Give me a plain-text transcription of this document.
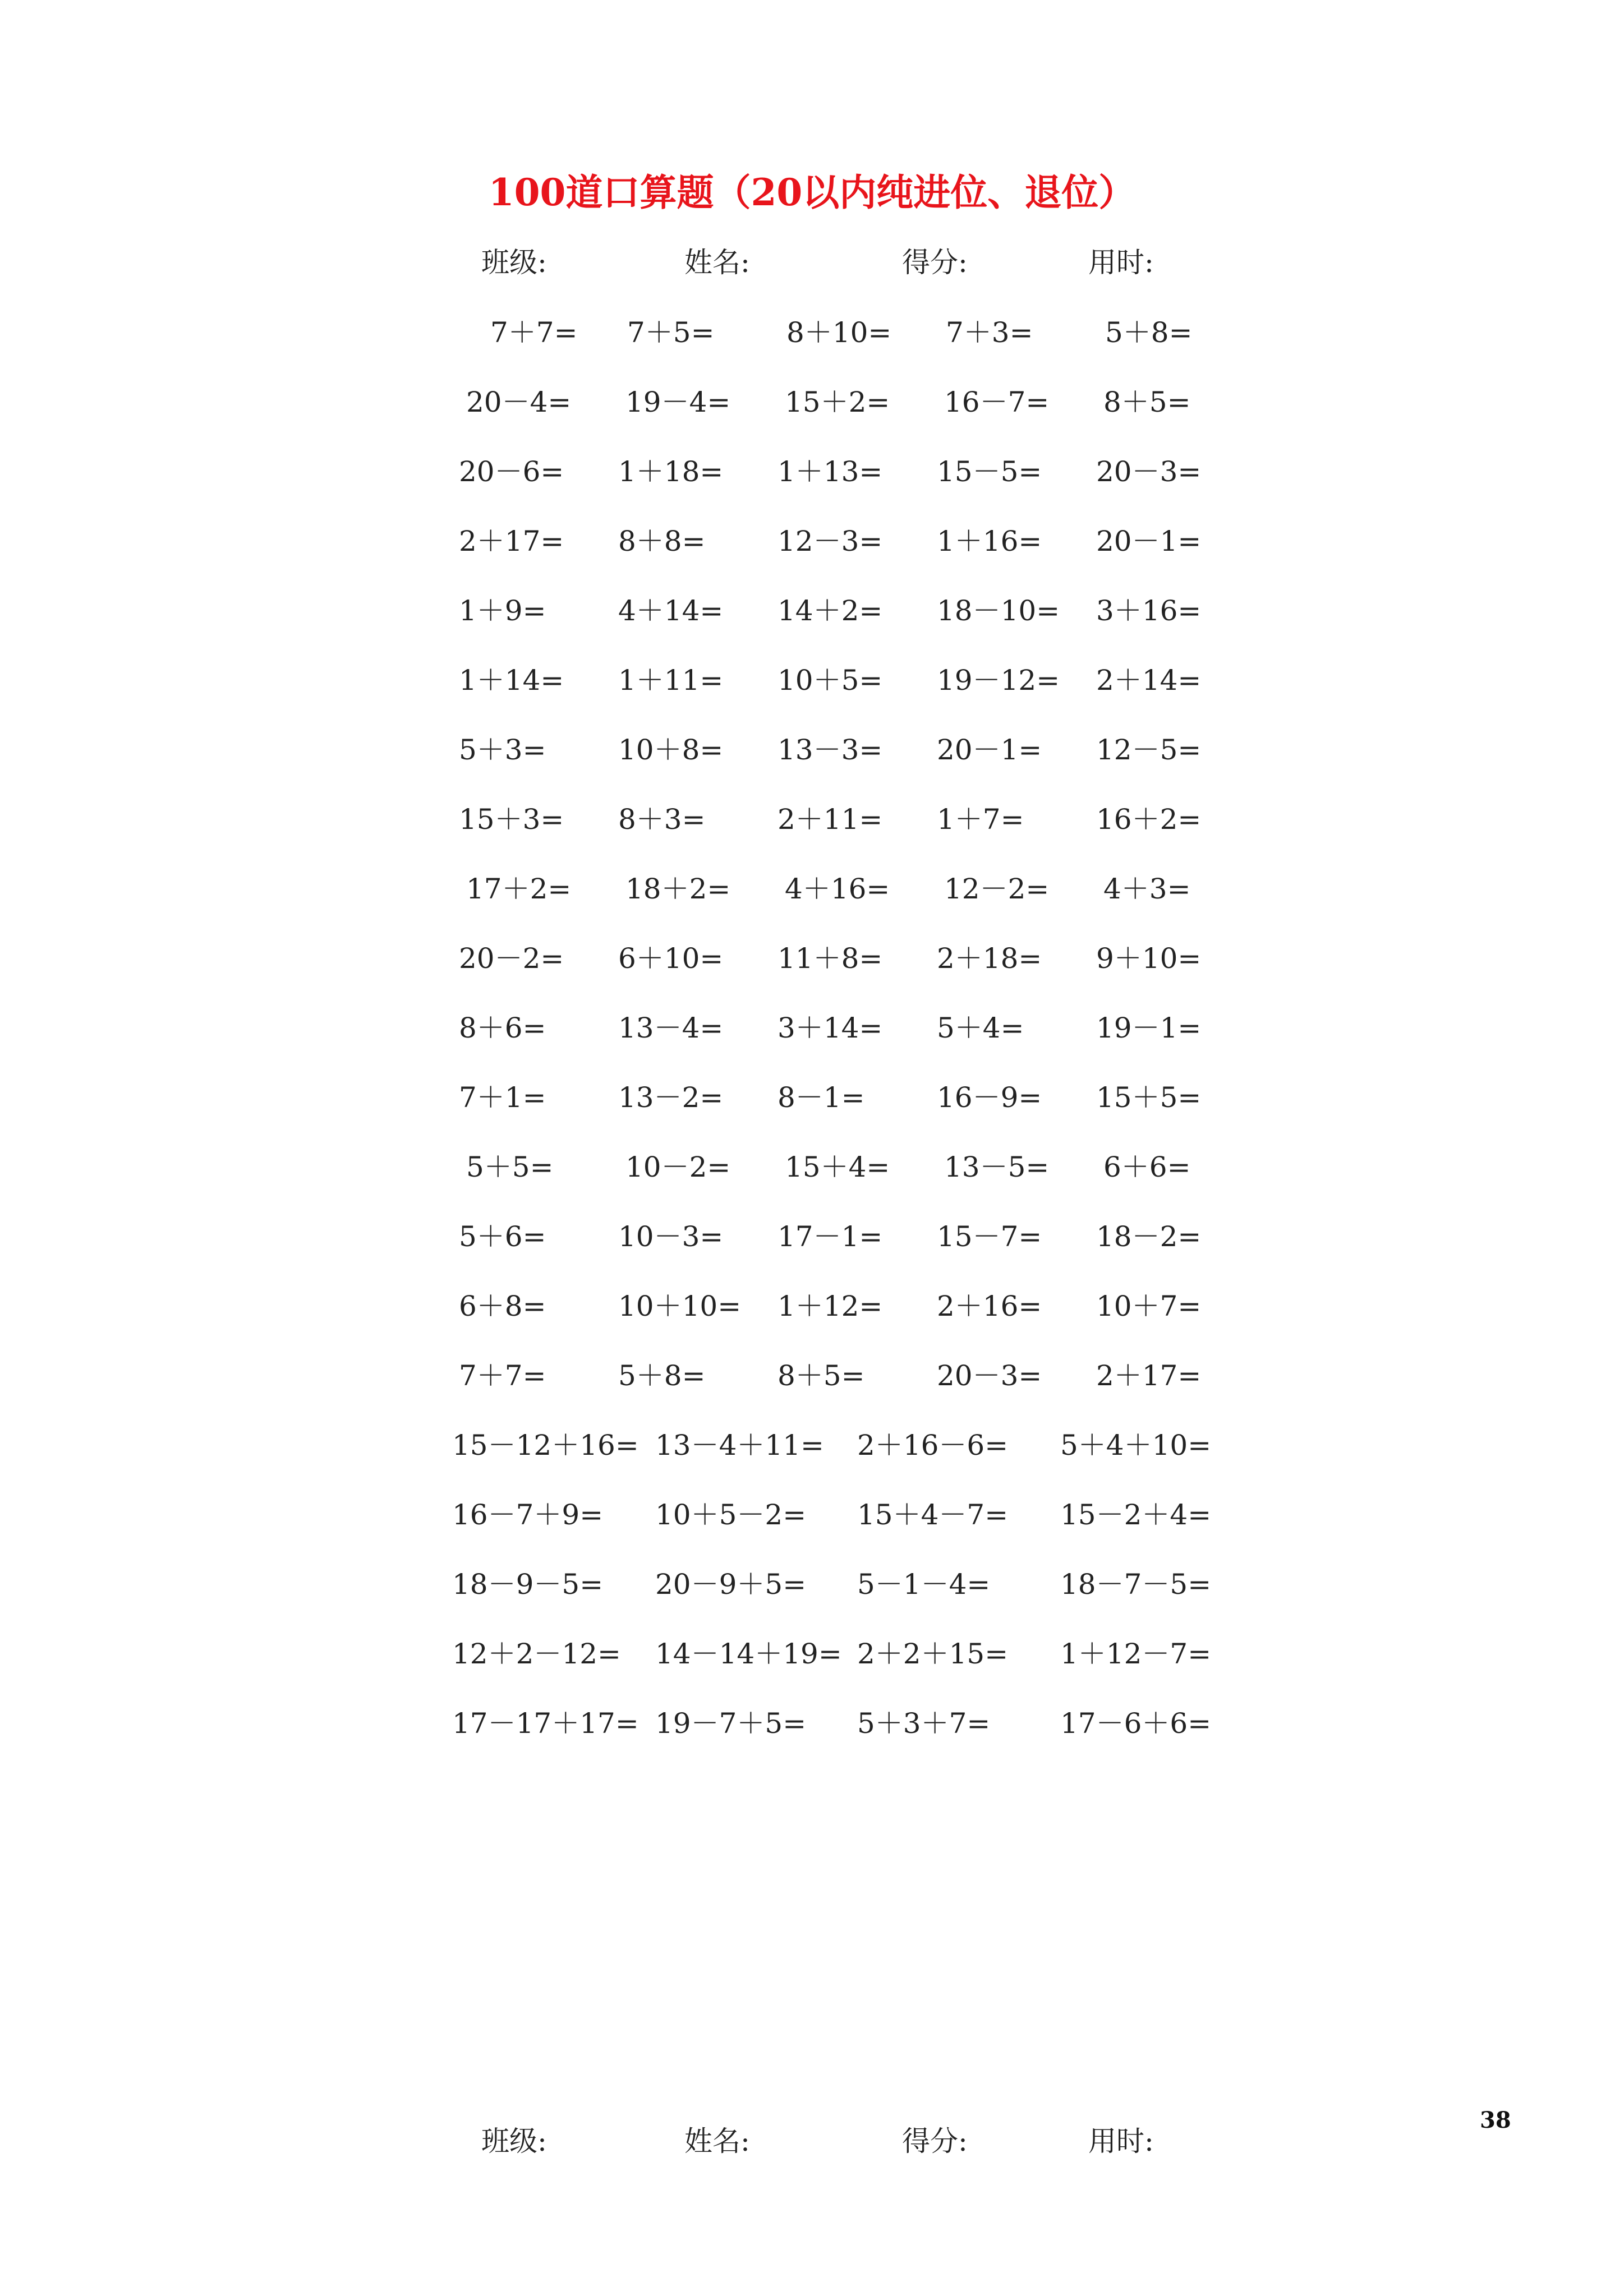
100道口算题（20以内纯进位、退位）
班级:	姓名:	得分:	用时:
7＋7= 7＋5=	8＋10= 7＋3=	5＋8=
20－4= 19－4= 15＋2= 16－7= 8＋5=
20－6= 1＋18= 1＋13= 15－5= 20－3=
2＋17= 8＋8=	12－3= 1＋16= 20－1=
1＋9=	4＋14= 14＋2= 18－10= 3＋16=
1＋14= 1＋11= 10＋5= 19－12= 2＋14=
5＋3=	10＋8= 13－3= 20－1= 12－5=
15＋3= 8＋3=	2＋11= 1＋7=	16＋2=
17＋2= 18＋2= 4＋16= 12－2= 4＋3=
20－2= 6＋10= 11＋8= 2＋18= 9＋10=
8＋6=	13－4= 3＋14= 5＋4=	19－1=
7＋1=	13－2= 8－1=	16－9= 15＋5=
5＋5=	10－2= 15＋4= 13－5= 6＋6=
5＋6=	10－3= 17－1= 15－7= 18－2=
6＋8=	10＋10= 1＋12= 2＋16= 10＋7=
7＋7=	5＋8=	8＋5=	20－3= 2＋17=
15－12＋16= 13－4＋11= 2＋16－6= 5＋4＋10=
16－7＋9= 10＋5－2= 15＋4－7= 15－2＋4=
18－9－5= 20－9＋5= 5－1－4= 18－7－5=
12＋2－12= 14－14＋19= 2＋2＋15= 1＋12－7=
17－17＋17= 19－7＋5= 5＋3＋7= 17－6＋6=
班级:	姓名:	得分:	用时:
38
